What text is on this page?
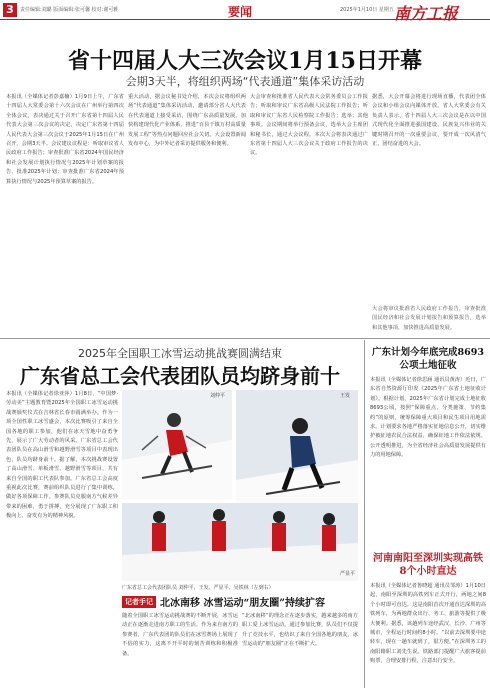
3	责任编辑:刘璐 版面编辑:张可馨 校对:谢可雅	要闻	2025年1月10日 星期五 南方工报
省十四届人大三次会议1月15日开幕
会期3天半，将组织两场“代表通道”集体采访活动
本报讯（全媒体记者彭嘉楠）1月9日上午，广东省十四届人大常委会第十六次会议在广州举行第四次全体会议，表决通过关于召开广东省第十四届人民代表大会第三次会议的决定，决定广东省第十四届人民代表大会第三次会议于2025年1月15日在广州召开，会期3天半。会议建议议程是：听取审议省人民政府工作报告；审查批准广东省2024年国民经济和社会发展计划执行情况与2025年计划草案的报告，批准2025年计划；审查批准广东省2024年预算执行情况与2025年预算草案的报告。
重大活动，据会议秘书处介绍，本次会议将组织两场“代表通道”集体采访活动，邀请部分省人大代表在代表通道上接受采访，围绕广东高质量发展、加快构建现代化产业体系、推进“百县千镇万村高质量发展工程”等热点问题回应社会关切。大会设置新闻发布中心，为中外记者采访提供服务和便利。
大会审查和批准省人民代表大会常务委员会工作报告；听取和审议广东省高级人民法院工作报告；听取和审议广东省人民检察院工作报告；选举；其他事项。会议期间将举行预备会议，选举大会主席团和秘书长，通过大会议程。本次大会将表决通过广东省第十四届人大三次会议关于政府工作报告的决议。
据悉，大会开幕会将进行现场直播，代表团全体会议和小组会议向媒体开放。省人大常委会有关负责人表示，省十四届人大三次会议是在以中国式现代化全面推进强国建设、民族复兴伟业的关键时期召开的一次重要会议，要开成一次风清气正、团结奋进的大会。
大会将审议批准省人民政府工作报告，审查批准国民经济和社会发展计划报告和预算报告，选举和其他事项，加快推进高质量发展。
2025年全国职工冰雪运动挑战赛圆满结束
广东省总工会代表团队员均跻身前十
本报讯（全媒体记者徐亚萍）1月8日，“中国梦·劳动美”主题教育暨2025年全国职工冰雪运动挑战赛颁奖仪式在吉林省长春市圆满举办。作为一项全国性职工冰雪盛会，本次比赛吸引了来自全国各地的职工参加，他们在冰天雪地中奋勇争先，展示了广大劳动者的风采。广东省总工会代表团队员在高山滑雪和越野滑雪等项目中表现出色，队员均跻身前十。据了解，本次挑战赛设置了高山滑雪、单板滑雪、越野滑雪等项目，共有来自全国的职工代表队参加。广东省总工会高度重视此次比赛，赛前组织队员进行了集中训练，做好各项保障工作。参赛队员克服南方气候差异带来的困难，勇于拼搏，充分展现了广东职工积极向上、奋发有为的精神风貌。
刘仲平	王发
严显平
广东省总工会代表团队员 刘仲平、王发、严显平、吴铁林（左到右）
记者手记 北冰南移 冰雪运动“朋友圈”持续扩容
随着全国职工冰雪运动挑战赛的不断开展，冰雪运动正在逐渐走进南方职工的生活。作为来自南方的参赛者，广东代表团的队员们在冰雪赛场上展现了不俗的实力，这离不开平时的刻苦训练和积极准备。
“北冰南移”的理念正在逐步落实，越来越多的南方职工爱上冰雪运动。通过参加比赛，队员们不仅提升了竞技水平，也结识了来自全国各地的朋友，冰雪运动的“朋友圈”正在不断扩大。
广东计划今年底完成8693公项土地征收
本报讯（全媒体记者徐思涵 通讯员黄涛）近日，广东省自然资源厅印发《2025年广东省土地征收计划》。根据计划，2025年广东省计划完成土地征收8693公顷，按照“保障重点、分类施策、节约集约”的原则，统筹保障重大项目和民生项目用地需求。计划要求各地严格落实征地信息公开，切实维护被征地农民合法权益，确保征地工作依法依规、公开透明推进，为全省经济社会高质量发展提供有力的用地保障。
河南南阳至深圳实现高铁8个小时直达
本报讯（全媒体记者鲁晓超 通讯员邹涛）1月10日起，南阳至深圳的高铁列车正式开行，两地之间8个小时即可直达。这是南阳首次开通直达深圳的高铁列车，为两地群众出行、务工、旅游等提供了极大便利。据悉，该趟列车途经武汉、长沙、广州等城市，全程运行时间约8小时。“以前去深圳要中途转车，现在一趟车就到了，很方便。”在深圳务工的南阳籍职工刘先生说。铁路部门提醒广大旅客提前购票，合理安排行程，注意出行安全。
